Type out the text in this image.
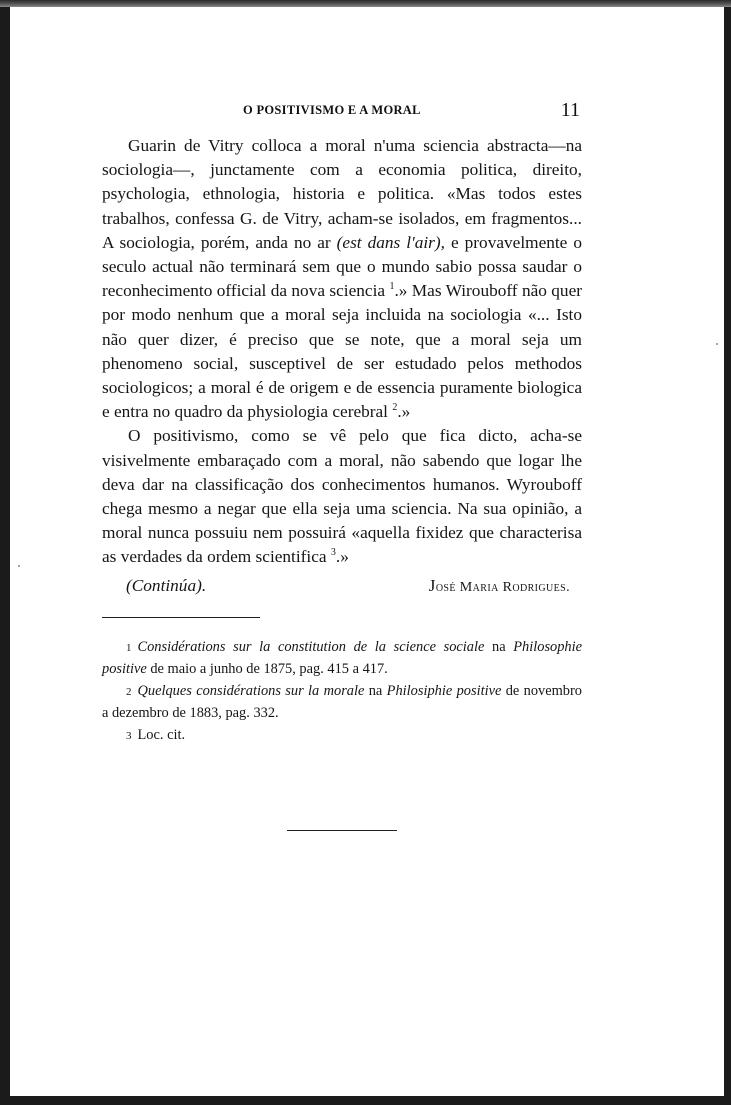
O POSITIVISMO E A MORAL	11

Guarin de Vitry colloca a moral n'uma sciencia abstracta—na sociologia—, junctamente com a economia politica, direito, psychologia, ethnologia, historia e politica. «Mas todos estes trabalhos, confessa G. de Vitry, acham-se isolados, em fragmentos... A sociologia, porém, anda no ar (est dans l'air), e provavelmente o seculo actual não terminará sem que o mundo sabio possa saudar o reconhecimento official da nova sciencia $^1$.» Mas Wirouboff não quer por modo nenhum que a moral seja incluida na sociologia «... Isto não quer dizer, é preciso que se note, que a moral seja um phenomeno social, susceptivel de ser estudado pelos methodos sociologicos; a moral é de origem e de essencia puramente biologica e entra no quadro da physiologia cerebral $^2$.»

O positivismo, como se vê pelo que fica dicto, acha-se visivelmente embaraçado com a moral, não sabendo que logar lhe deva dar na classificação dos conhecimentos humanos. Wyrouboff chega mesmo a negar que ella seja uma sciencia. Na sua opinião, a moral nunca possuiu nem possuirá «aquella fixidez que characterisa as verdades da ordem scientifica $^3$.»

(Continúa).	José Maria Rodrigues.

1 Considérations sur la constitution de la science sociale na Philosophie positive de maio a junho de 1875, pag. 415 a 417.

2 Quelques considérations sur la morale na Philosiphie positive de novembro a dezembro de 1883, pag. 332.

3 Loc. cit.
